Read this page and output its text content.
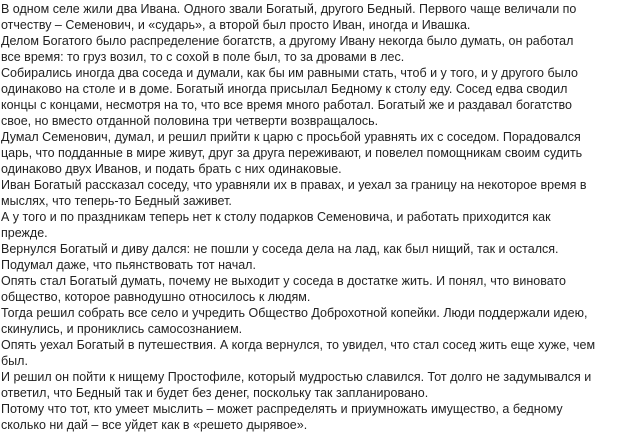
В одном селе жили два Ивана. Одного звали Богатый, другого Бедный. Первого чаще величали по
отчеству – Семенович, и «сударь», а второй был просто Иван, иногда и Ивашка.
Делом Богатого было распределение богатств, а другому Ивану некогда было думать, он работал
все время: то груз возил, то с сохой в поле был, то за дровами в лес.
Собирались иногда два соседа и думали, как бы им равными стать, чтоб и у того, и у другого было
одинаково на столе и в доме. Богатый иногда присылал Бедному к столу еду. Сосед едва сводил
концы с концами, несмотря на то, что все время много работал. Богатый же и раздавал богатство
свое, но вместо отданной половина три четверти возвращалось.
Думал Семенович, думал, и решил прийти к царю с просьбой уравнять их с соседом. Порадовался
царь, что подданные в мире живут, друг за друга переживают, и повелел помощникам своим судить
одинаково двух Иванов, и подать брать с них одинаковые.
Иван Богатый рассказал соседу, что уравняли их в правах, и уехал за границу на некоторое время в
мыслях, что теперь-то Бедный заживет.
А у того и по праздникам теперь нет к столу подарков Семеновича, и работать приходится как
прежде.
Вернулся Богатый и диву дался: не пошли у соседа дела на лад, как был нищий, так и остался.
Подумал даже, что пьянствовать тот начал.
Опять стал Богатый думать, почему не выходит у соседа в достатке жить. И понял, что виновато
общество, которое равнодушно относилось к людям.
Тогда решил собрать все село и учредить Общество Доброхотной копейки. Люди поддержали идею,
скинулись, и прониклись самосознанием.
Опять уехал Богатый в путешествия. А когда вернулся, то увидел, что стал сосед жить еще хуже, чем
был.
И решил он пойти к нищему Простофиле, который мудростью славился. Тот долго не задумывался и
ответил, что Бедный так и будет без денег, поскольку так запланировано.
Потому что тот, кто умеет мыслить – может распределять и приумножать имущество, а бедному
сколько ни дай – все уйдет как в «решето дырявое».
